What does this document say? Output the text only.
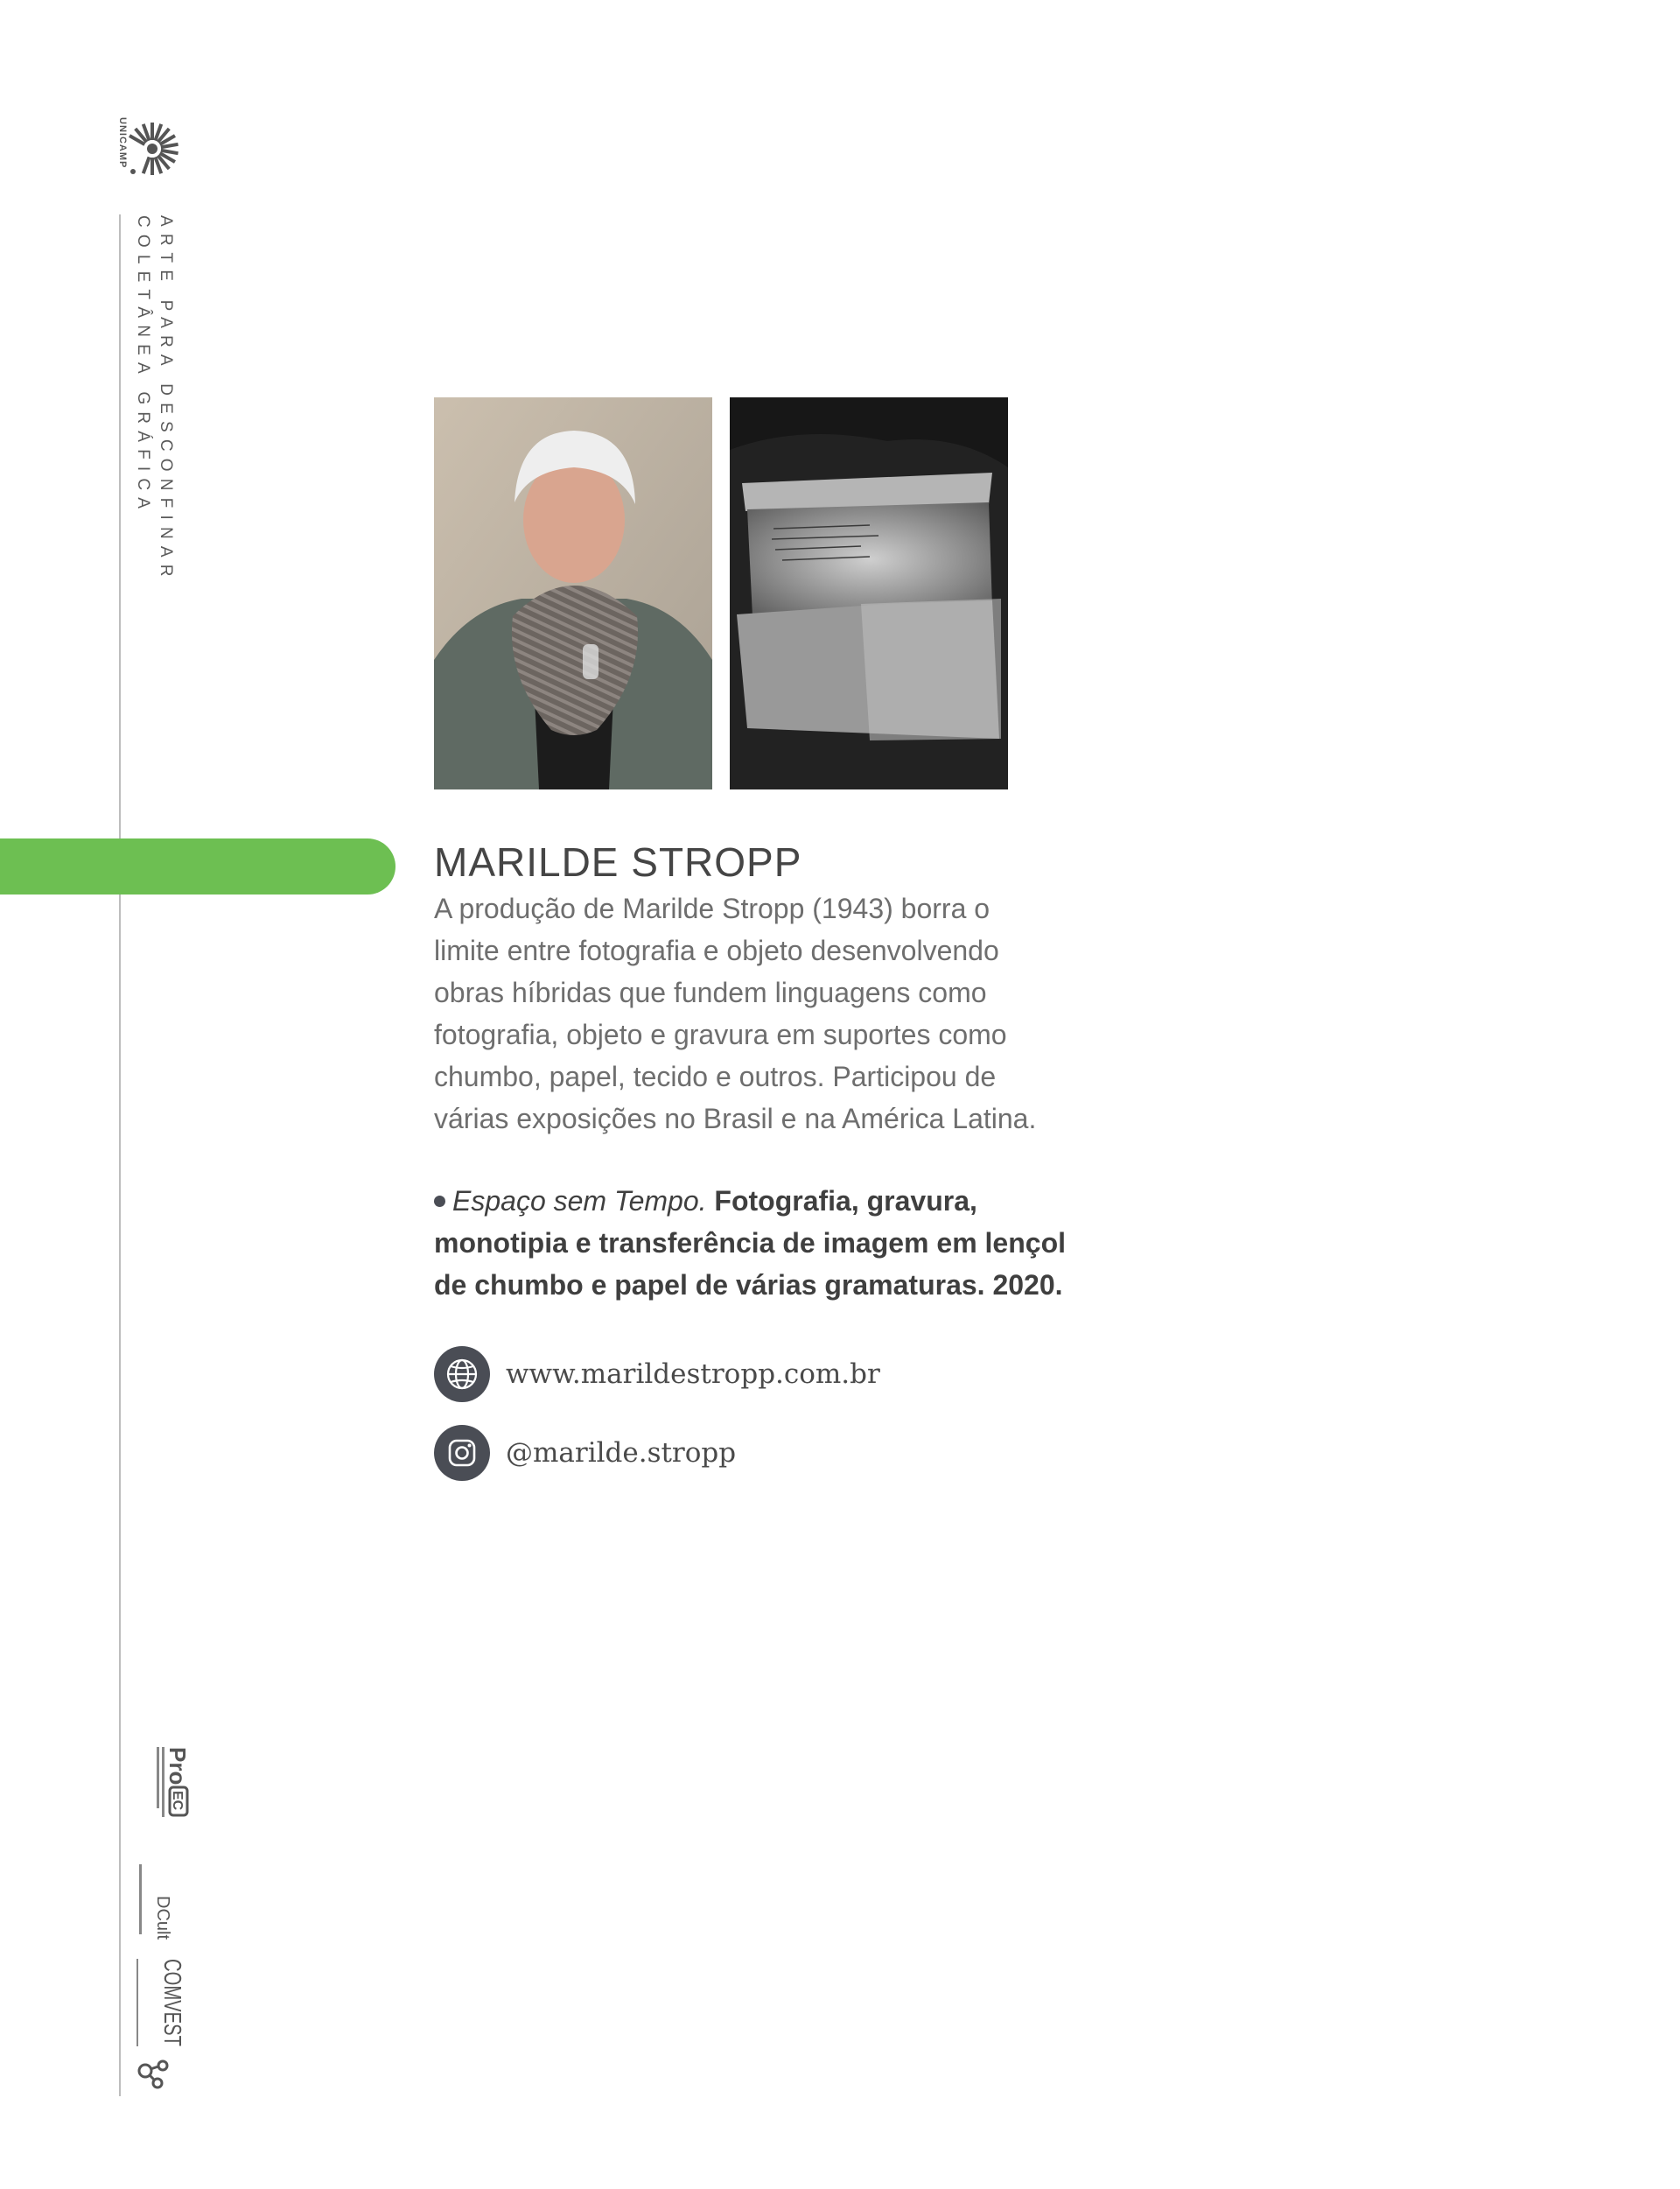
UNICAMP
ARTE PARA DESCONFINAR
COLETÂNEA GRÁFICA
Pro
EC
DCult
COMVEST
MARILDE STROPP
A produção de Marilde Stropp (1943) borra o
limite entre fotografia e objeto desenvolvendo
obras híbridas que fundem linguagens como
fotografia, objeto e gravura em suportes como
chumbo, papel, tecido e outros. Participou de
várias exposições no Brasil e na América Latina.
Espaço sem Tempo. Fotografia, gravura,
monotipia e transferência de imagem em lençol
de chumbo e papel de várias gramaturas. 2020.
www.marildestropp.com.br
@marilde.stropp
